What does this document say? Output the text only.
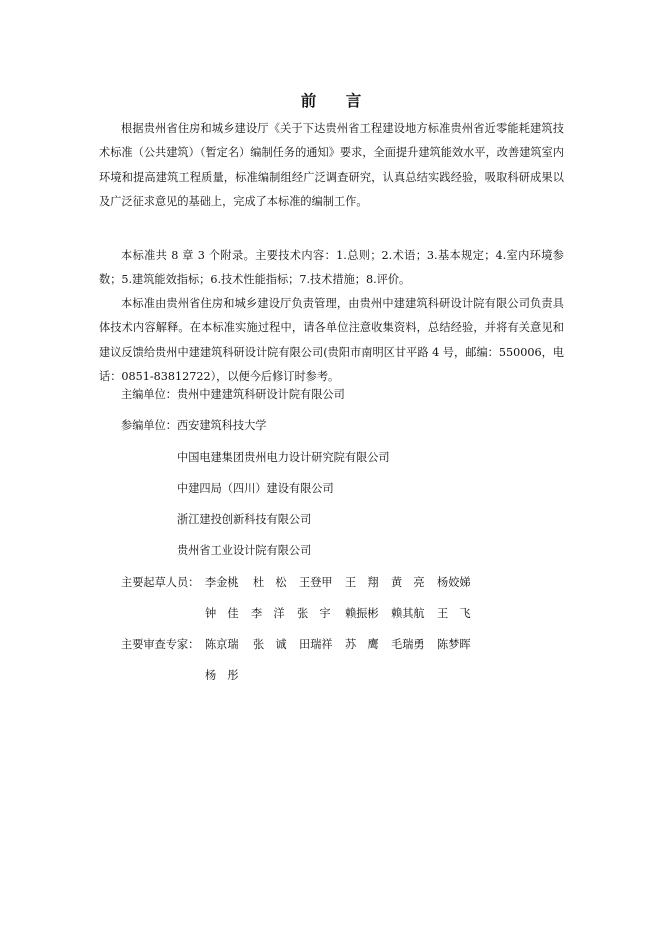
前 言

根据贵州省住房和城乡建设厅《关于下达贵州省工程建设地方标准贵州省近零能耗建筑技术标准（公共建筑）（暂定名）编制任务的通知》要求，全面提升建筑能效水平，改善建筑室内环境和提高建筑工程质量，标准编制组经广泛调查研究，认真总结实践经验，吸取科研成果以及广泛征求意见的基础上，完成了本标准的编制工作。

本标准共 8 章 3 个附录。主要技术内容：1.总则；2.术语；3.基本规定；4.室内环境参数；5.建筑能效指标；6.技术性能指标；7.技术措施；8.评价。

本标准由贵州省住房和城乡建设厅负责管理，由贵州中建建筑科研设计院有限公司负责具体技术内容解释。在本标准实施过程中，请各单位注意收集资料，总结经验，并将有关意见和建议反馈给贵州中建建筑科研设计院有限公司(贵阳市南明区甘平路 4 号，邮编：550006，电话：0851-83812722），以便今后修订时参考。

主编单位：贵州中建建筑科研设计院有限公司
参编单位：西安建筑科技大学
中国电建集团贵州电力设计研究院有限公司
中建四局（四川）建设有限公司
浙江建投创新科技有限公司
贵州省工业设计院有限公司
主要起草人员： 李金桃 杜　松 王登甲 王　翔 黄　亮 杨姣娣
钟　佳 李　洋 张　宇 赖振彬 赖其航 王　飞
主要审查专家： 陈京瑞 张　诚 田瑞祥 苏　鹰 毛瑞勇 陈梦晖
杨　彤
